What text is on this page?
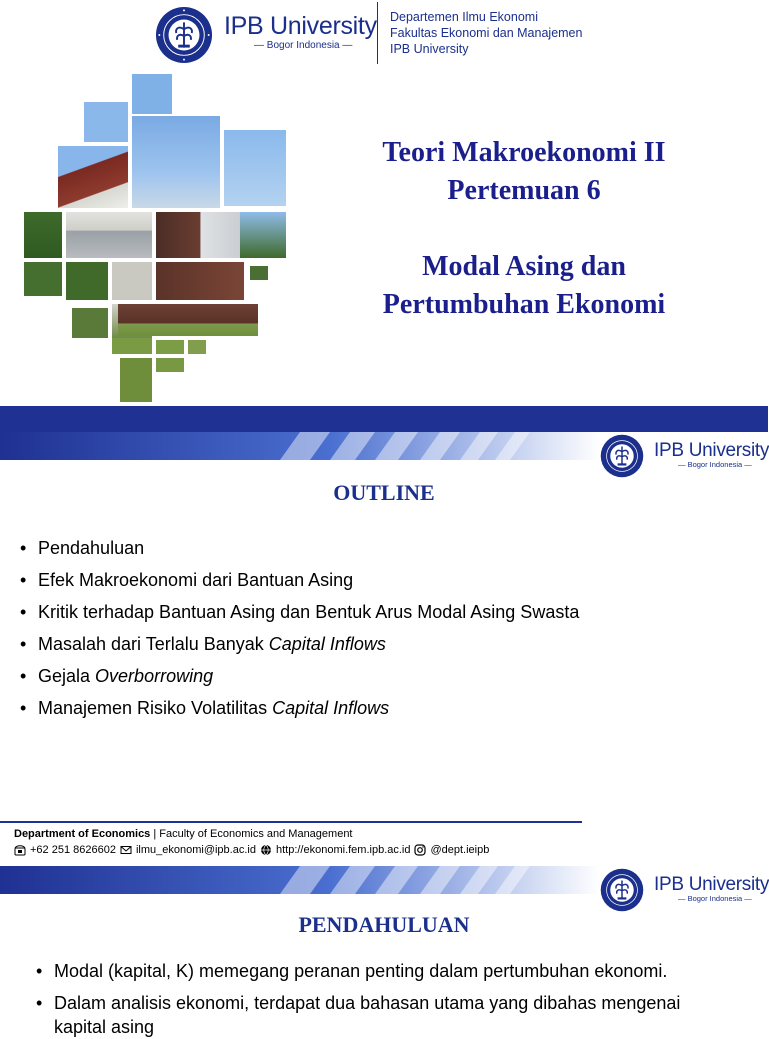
IPB University
— Bogor Indonesia —
Departemen Ilmu Ekonomi
Fakultas Ekonomi dan Manajemen
IPB University
Teori Makroekonomi II
Pertemuan 6
Modal Asing dan
Pertumbuhan Ekonomi
IPB University
— Bogor Indonesia —
OUTLINE
• Pendahuluan
• Efek Makroekonomi dari Bantuan Asing
• Kritik terhadap Bantuan Asing dan Bentuk Arus Modal Asing Swasta
• Masalah dari Terlalu Banyak Capital Inflows
• Gejala Overborrowing
• Manajemen Risiko Volatilitas Capital Inflows
Department of Economics | Faculty of Economics and Management
+62 251 8626602 ilmu_ekonomi@ipb.ac.id http://ekonomi.fem.ipb.ac.id @dept.ieipb
IPB University
— Bogor Indonesia —
PENDAHULUAN
• Modal (kapital, K) memegang peranan penting dalam pertumbuhan ekonomi.
• Dalam analisis ekonomi, terdapat dua bahasan utama yang dibahas mengenai kapital asing
